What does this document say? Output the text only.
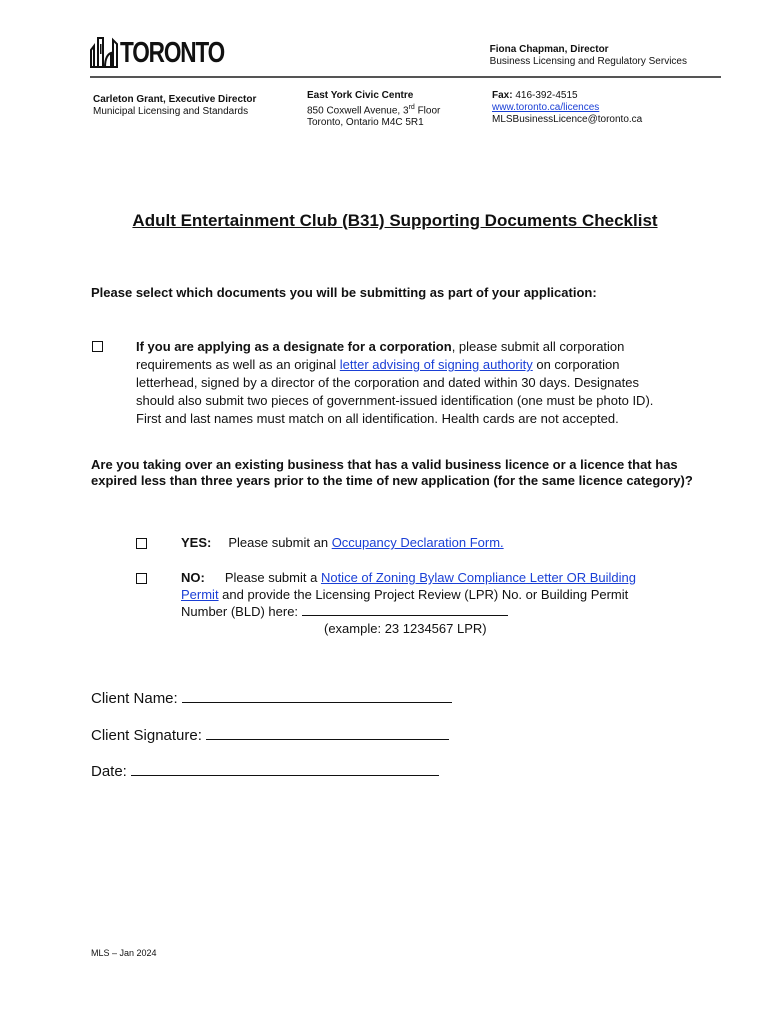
TORONTO	Fiona Chapman, Director
Business Licensing and Regulatory Services
Carleton Grant, Executive Director
Municipal Licensing and Standards
East York Civic Centre
850 Coxwell Avenue, 3rd Floor
Toronto, Ontario M4C 5R1
Fax: 416-392-4515
www.toronto.ca/licences
MLSBusinessLicence@toronto.ca
Adult Entertainment Club (B31) Supporting Documents Checklist
Please select which documents you will be submitting as part of your application:
If you are applying as a designate for a corporation, please submit all corporation
requirements as well as an original letter advising of signing authority on corporation
letterhead, signed by a director of the corporation and dated within 30 days. Designates
should also submit two pieces of government-issued identification (one must be photo ID).
First and last names must match on all identification. Health cards are not accepted.
Are you taking over an existing business that has a valid business licence or a licence that has expired less than three years prior to the time of new application (for the same licence category)?
YES: Please submit an Occupancy Declaration Form.
NO: Please submit a Notice of Zoning Bylaw Compliance Letter OR Building
Permit and provide the Licensing Project Review (LPR) No. or Building Permit
Number (BLD) here:
(example: 23 1234567 LPR)
Client Name:
Client Signature:
Date:
MLS – Jan 2024
